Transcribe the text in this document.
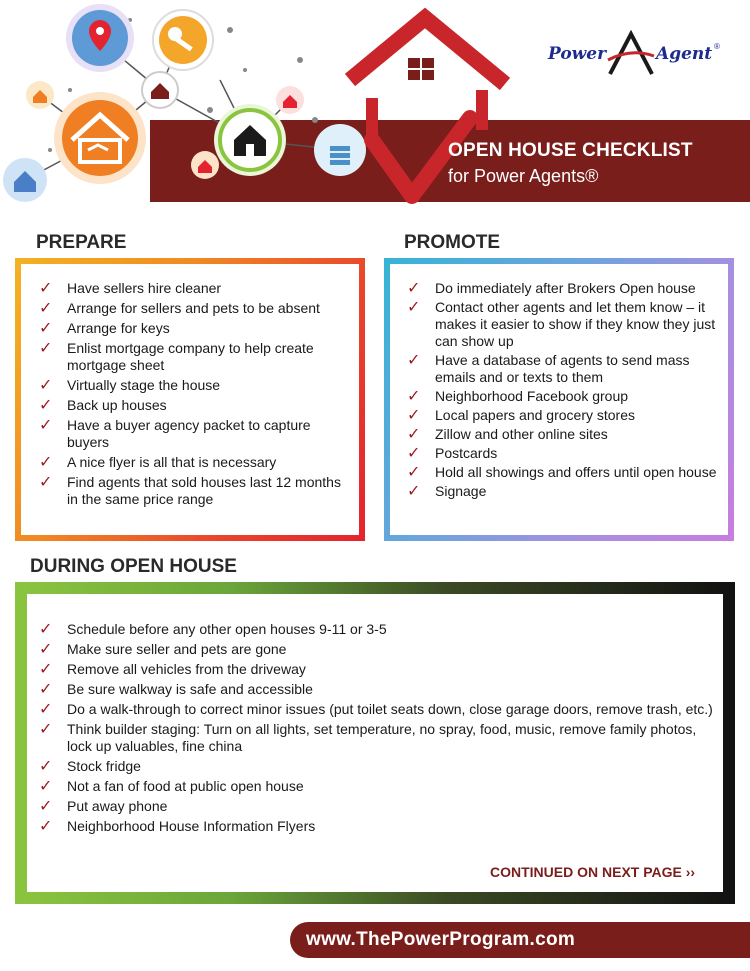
Power	Agent ®
OPEN HOUSE CHECKLIST
for Power Agents®
PREPARE
✓ Have sellers hire cleaner
✓ Arrange for sellers and pets to be absent
✓ Arrange for keys
✓ Enlist mortgage company to help create mortgage sheet
✓ Virtually stage the house
✓ Back up houses
✓ Have a buyer agency packet to capture buyers
✓ A nice flyer is all that is necessary
✓ Find agents that sold houses last 12 months in the same price range
PROMOTE
✓ Do immediately after Brokers Open house
✓ Contact other agents and let them know – it makes it easier to show if they know they just can show up
✓ Have a database of agents to send mass emails and or texts to them
✓ Neighborhood Facebook group
✓ Local papers and grocery stores
✓ Zillow and other online sites
✓ Postcards
✓ Hold all showings and offers until open house
✓ Signage
DURING OPEN HOUSE
✓ Schedule before any other open houses 9-11 or 3-5
✓ Make sure seller and pets are gone
✓ Remove all vehicles from the driveway
✓ Be sure walkway is safe and accessible
✓ Do a walk-through to correct minor issues (put toilet seats down, close garage doors, remove trash, etc.)
✓ Think builder staging: Turn on all lights, set temperature, no spray, food, music, remove family photos, lock up valuables, fine china
✓ Stock fridge
✓ Not a fan of food at public open house
✓ Put away phone
✓ Neighborhood House Information Flyers
CONTINUED ON NEXT PAGE ››
www.ThePowerProgram.com
